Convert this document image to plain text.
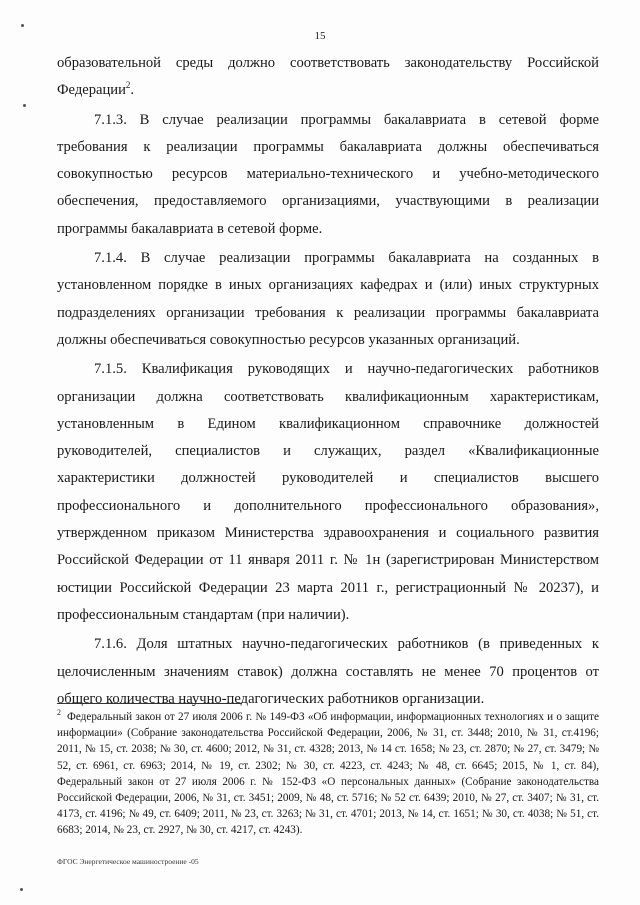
15

образовательной среды должно соответствовать законодательству Российской Федерации$^2$.

7.1.3. В случае реализации программы бакалавриата в сетевой форме требования к реализации программы бакалавриата должны обеспечиваться совокупностью ресурсов материально-технического и учебно-методического обеспечения, предоставляемого организациями, участвующими в реализации программы бакалавриата в сетевой форме.

7.1.4. В случае реализации программы бакалавриата на созданных в установленном порядке в иных организациях кафедрах и (или) иных структурных подразделениях организации требования к реализации программы бакалавриата должны обеспечиваться совокупностью ресурсов указанных организаций.

7.1.5. Квалификация руководящих и научно-педагогических работников организации должна соответствовать квалификационным характеристикам, установленным в Едином квалификационном справочнике должностей руководителей, специалистов и служащих, раздел «Квалификационные характеристики должностей руководителей и специалистов высшего профессионального и дополнительного профессионального образования», утвержденном приказом Министерства здравоохранения и социального развития Российской Федерации от 11 января 2011 г. № 1н (зарегистрирован Министерством юстиции Российской Федерации 23 марта 2011 г., регистрационный № 20237), и профессиональным стандартам (при наличии).

7.1.6. Доля штатных научно-педагогических работников (в приведенных к целочисленным значениям ставок) должна составлять не менее 70 процентов от общего количества научно-педагогических работников организации.

$^2$ Федеральный закон от 27 июля 2006 г. № 149-ФЗ «Об информации, информационных технологиях и о защите информации» (Собрание законодательства Российской Федерации, 2006, № 31, ст. 3448; 2010, № 31, ст.4196; 2011, № 15, ст. 2038; № 30, ст. 4600; 2012, № 31, ст. 4328; 2013, № 14 ст. 1658; № 23, ст. 2870; № 27, ст. 3479; № 52, ст. 6961, ст. 6963; 2014, № 19, ст. 2302; № 30, ст. 4223, ст. 4243; № 48, ст. 6645; 2015, № 1, ст. 84), Федеральный закон от 27 июля 2006 г. № 152-ФЗ «О персональных данных» (Собрание законодательства Российской Федерации, 2006, № 31, ст. 3451; 2009, № 48, ст. 5716; № 52 ст. 6439; 2010, № 27, ст. 3407; № 31, ст. 4173, ст. 4196; № 49, ст. 6409; 2011, № 23, ст. 3263; № 31, ст. 4701; 2013, № 14, ст. 1651; № 30, ст. 4038; № 51, ст. 6683; 2014, № 23, ст. 2927, № 30, ст. 4217, ст. 4243).
ФГОС Энергетическое машиностроение -05
